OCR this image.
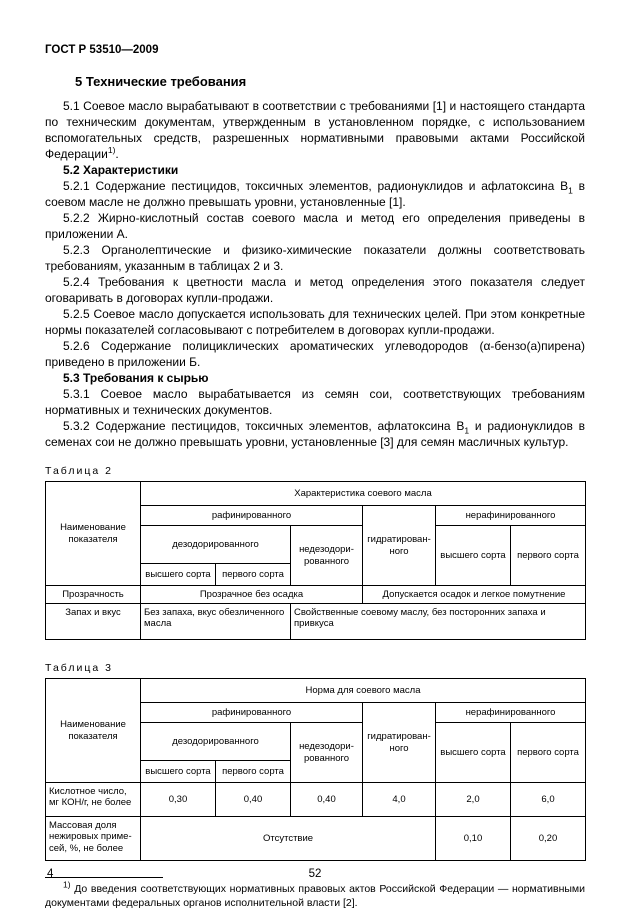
ГОСТ Р 53510—2009
5 Технические требования

5.1 Соевое масло вырабатывают в соответствии с требованиями [1] и настоящего стандарта по техническим документам, утвержденным в установленном порядке, с использованием вспомогательных средств, разрешенных нормативными правовыми актами Российской Федерации$^{1)}$.

5.2 Характеристики

5.2.1 Содержание пестицидов, токсичных элементов, радионуклидов и афлатоксина $В_1$ в соевом масле не должно превышать уровни, установленные [1].

5.2.2 Жирно-кислотный состав соевого масла и метод его определения приведены в приложении А.

5.2.3 Органолептические и физико-химические показатели должны соответствовать требованиям, указанным в таблицах 2 и 3.

5.2.4 Требования к цветности масла и метод определения этого показателя следует оговаривать в договорах купли-продажи.

5.2.5 Соевое масло допускается использовать для технических целей. При этом конкретные нормы показателей согласовывают с потребителем в договорах купли-продажи.

5.2.6 Содержание полициклических ароматических углеводородов (α-бензо(а)пирена) приведено в приложении Б.

5.3 Требования к сырью

5.3.1 Соевое масло вырабатывается из семян сои, соответствующих требованиям нормативных и технических документов.

5.3.2 Содержание пестицидов, токсичных элементов, афлатоксина $В_1$ и радионуклидов в семенах сои не должно превышать уровни, установленные [3] для семян масличных культур.

Таблица 2
Наименование показателя	Характеристика соевого масла					
	рафинированного			гидратированного	нерафинированного	
	дезодорированного		недезодорированного		высшего сорта	первого сорта
	высшего сорта	первого сорта				
Прозрачность	Прозрачное без осадка			Допускается осадок и легкое помутнение		
Запах и вкус	Без запаха, вкус обезличенного масла		Свойственные соевому маслу, без посторонних запаха и привкуса			
Таблица 3
Наименование показателя	Норма для соевого масла					
	рафинированного			гидратированного	нерафинированного	
	дезодорированного		недезодорированного		высшего сорта	первого сорта
	высшего сорта	первого сорта				
Кислотное число, мг КОН/г, не более	0,30	0,40	0,40	4,0	2,0	6,0
Массовая доля нежировых примесей, %, не более	Отсутствие				0,10	0,20

$^{1)}$ До введения соответствующих нормативных правовых актов Российской Федерации — нормативными документами федеральных органов исполнительной власти [2].

4	52
